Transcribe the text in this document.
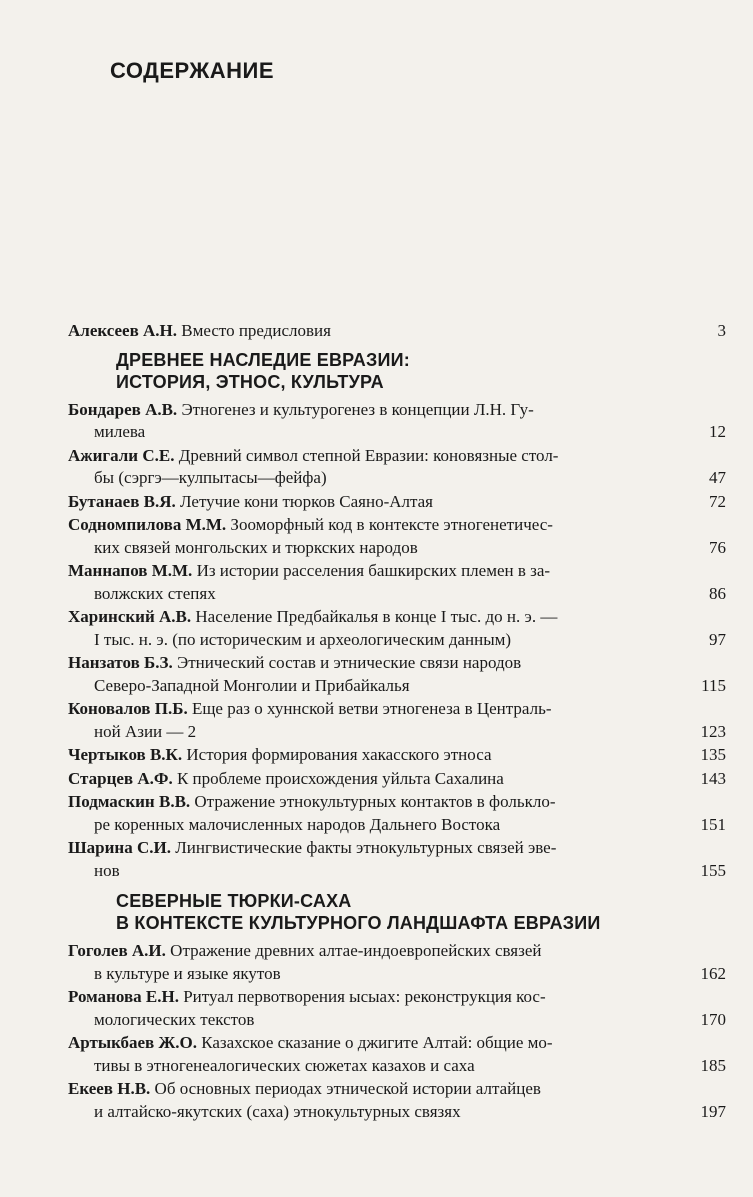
СОДЕРЖАНИЕ
Алексеев А.Н. Вместо предисловия	3
ДРЕВНЕЕ НАСЛЕДИЕ ЕВРАЗИИ:
ИСТОРИЯ, ЭТНОС, КУЛЬТУРА
Бондарев А.В. Этногенез и культурогенез в концепции Л.Н. Гу-
милева	12
Ажигали С.Е. Древний символ степной Евразии: коновязные стол-
бы (сэргэ—кулпытасы—фейфа)	47
Бутанаев В.Я. Летучие кони тюрков Саяно-Алтая	72
Содномпилова М.М. Зооморфный код в контексте этногенетичес-
ких связей монгольских и тюркских народов	76
Маннапов М.М. Из истории расселения башкирских племен в за-
волжских степях	86
Харинский А.В. Население Предбайкалья в конце I тыс. до н. э. —
I тыс. н. э. (по историческим и археологическим данным)	97
Нанзатов Б.З. Этнический состав и этнические связи народов
Северо-Западной Монголии и Прибайкалья	115
Коновалов П.Б. Еще раз о хуннской ветви этногенеза в Централь-
ной Азии — 2	123
Чертыков В.К. История формирования хакасского этноса	135
Старцев А.Ф. К проблеме происхождения уйльта Сахалина	143
Подмаскин В.В. Отражение этнокультурных контактов в фолькло-
ре коренных малочисленных народов Дальнего Востока	151
Шарина С.И. Лингвистические факты этнокультурных связей эве-
нов	155
СЕВЕРНЫЕ ТЮРКИ-САХА
В КОНТЕКСТЕ КУЛЬТУРНОГО ЛАНДШАФТА ЕВРАЗИИ
Гоголев А.И. Отражение древних алтае-индоевропейских связей
в культуре и языке якутов	162
Романова Е.Н. Ритуал первотворения ысыах: реконструкция кос-
мологических текстов	170
Артыкбаев Ж.О. Казахское сказание о джигите Алтай: общие мо-
тивы в этногенеалогических сюжетах казахов и саха	185
Екеев Н.В. Об основных периодах этнической истории алтайцев
и алтайско-якутских (саха) этнокультурных связях	197
